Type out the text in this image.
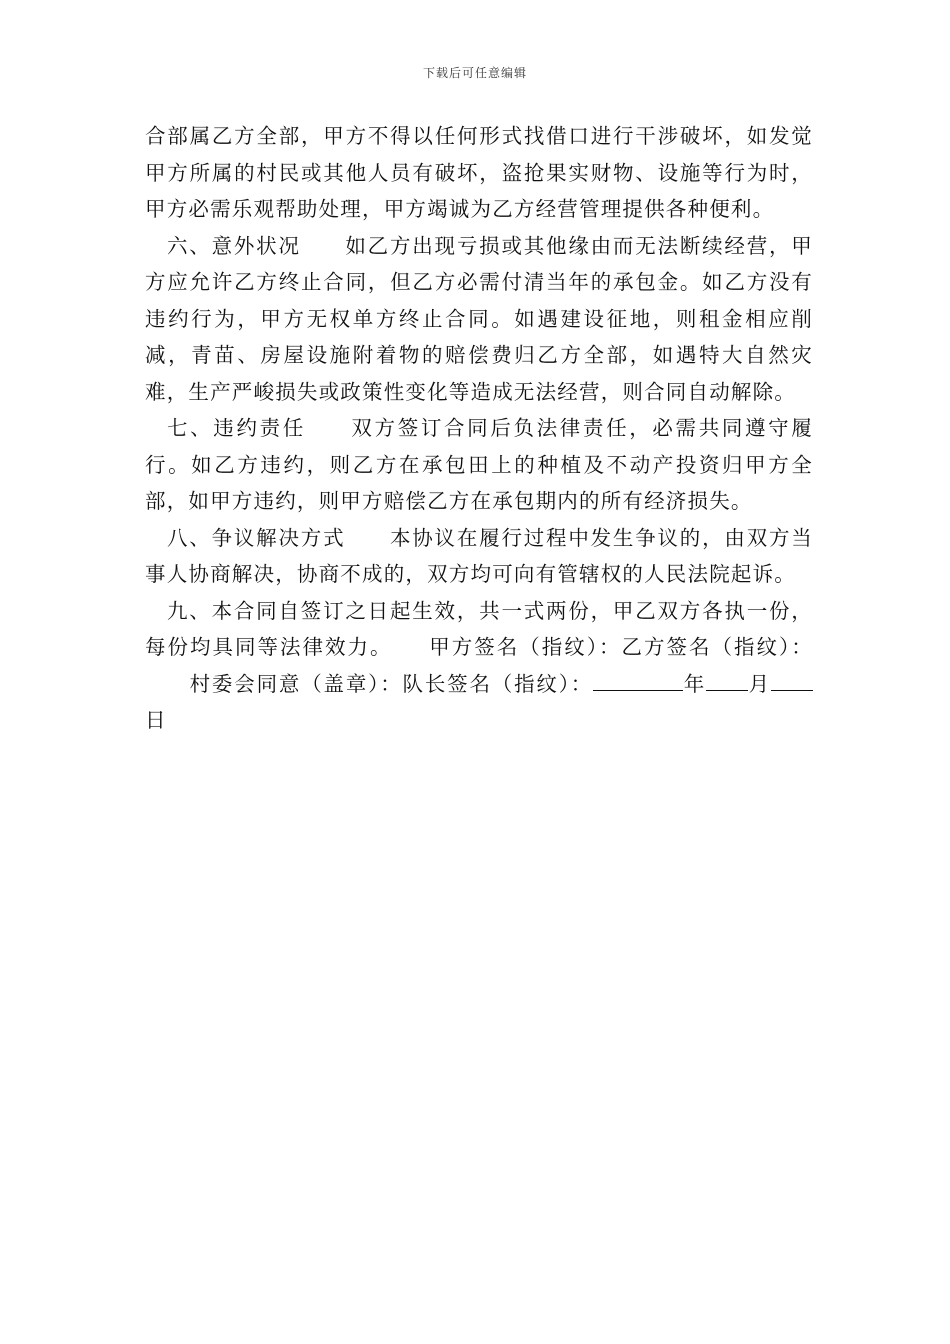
下载后可任意编辑

合部属乙方全部，甲方不得以任何形式找借口进行干涉破坏，如发觉甲方所属的村民或其他人员有破坏，盗抢果实财物、设施等行为时，甲方必需乐观帮助处理，甲方竭诚为乙方经营管理提供各种便利。

六、意外状况 如乙方出现亏损或其他缘由而无法断续经营，甲方应允许乙方终止合同，但乙方必需付清当年的承包金。如乙方没有违约行为，甲方无权单方终止合同。如遇建设征地，则租金相应削减，青苗、房屋设施附着物的赔偿费归乙方全部，如遇特大自然灾难，生产严峻损失或政策性变化等造成无法经营，则合同自动解除。

七、违约责任 双方签订合同后负法律责任，必需共同遵守履行。如乙方违约，则乙方在承包田上的种植及不动产投资归甲方全部，如甲方违约，则甲方赔偿乙方在承包期内的所有经济损失。

八、争议解决方式 本协议在履行过程中发生争议的，由双方当事人协商解决，协商不成的，双方均可向有管辖权的人民法院起诉。

九、本合同自签订之日起生效，共一式两份，甲乙双方各执一份，每份均具同等法律效力。 甲方签名（指纹）：乙方签名（指纹）：村委会同意（盖章）：队长签名（指纹）：	年 月日
